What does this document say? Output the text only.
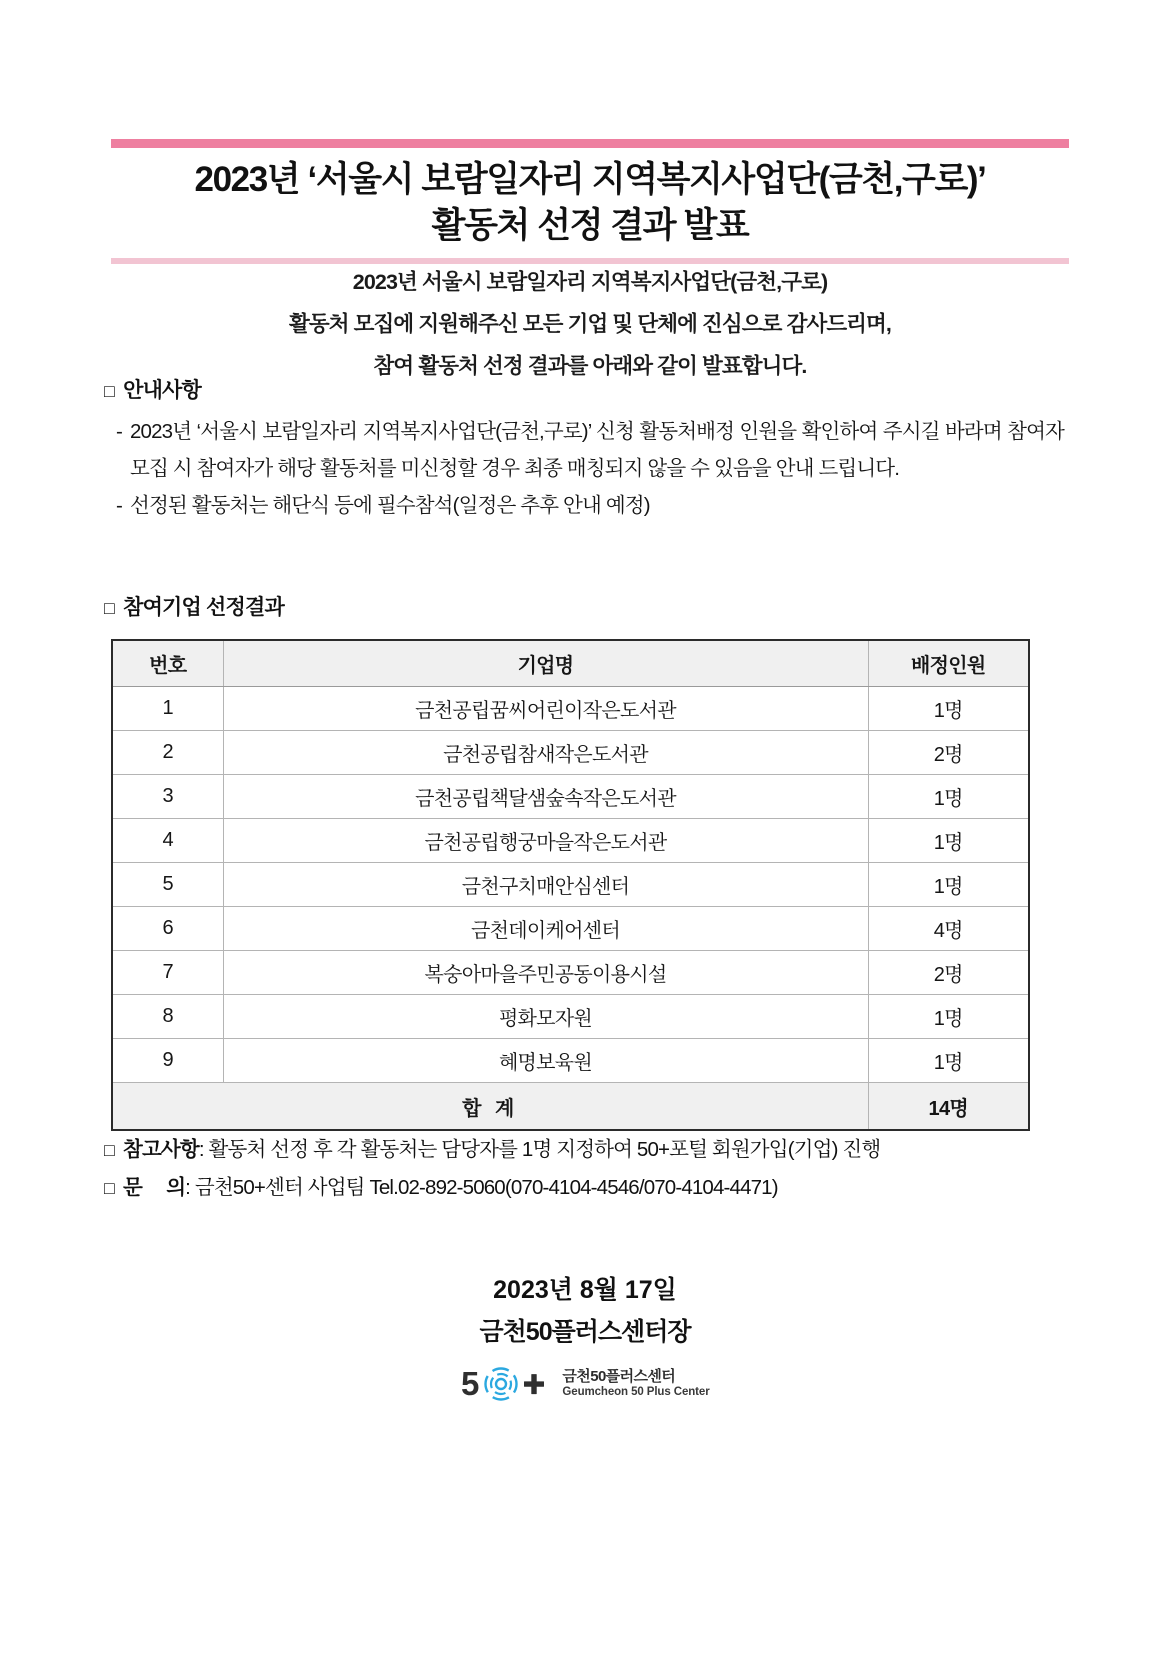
2023년 ‘서울시 보람일자리 지역복지사업단(금천,구로)’
활동처 선정 결과 발표
2023년 서울시 보람일자리 지역복지사업단(금천,구로)
활동처 모집에 지원해주신 모든 기업 및 단체에 진심으로 감사드리며,
참여 활동처 선정 결과를 아래와 같이 발표합니다.
□ 안내사항
- 2023년 ‘서울시 보람일자리 지역복지사업단(금천,구로)’ 신청 활동처배정 인원을 확인하여 주시길 바라며 참여자 모집 시 참여자가 해당 활동처를 미신청할 경우 최종 매칭되지 않을 수 있음을 안내 드립니다.
- 선정된 활동처는 해단식 등에 필수참석(일정은 추후 안내 예정)
□ 참여기업 선정결과
번호	기업명	배정인원
1	금천공립꿈씨어린이작은도서관	1명
2	금천공립참새작은도서관	2명
3	금천공립책달샘숲속작은도서관	1명
4	금천공립행궁마을작은도서관	1명
5	금천구치매안심센터	1명
6	금천데이케어센터	4명
7	복숭아마을주민공동이용시설	2명
8	평화모자원	1명
9	혜명보육원	1명
합 계		14명
□ 참고사항 : 활동처 선정 후 각 활동처는 담당자를 1명 지정하여 50+포털 회원가입(기업) 진행
□ 문     의 : 금천50+센터 사업팀 Tel.02-892-5060(070-4104-4546/070-4104-4471)
2023년 8월 17일
금천50플러스센터장
5	금천50플러스센터
Geumcheon 50 Plus Center
